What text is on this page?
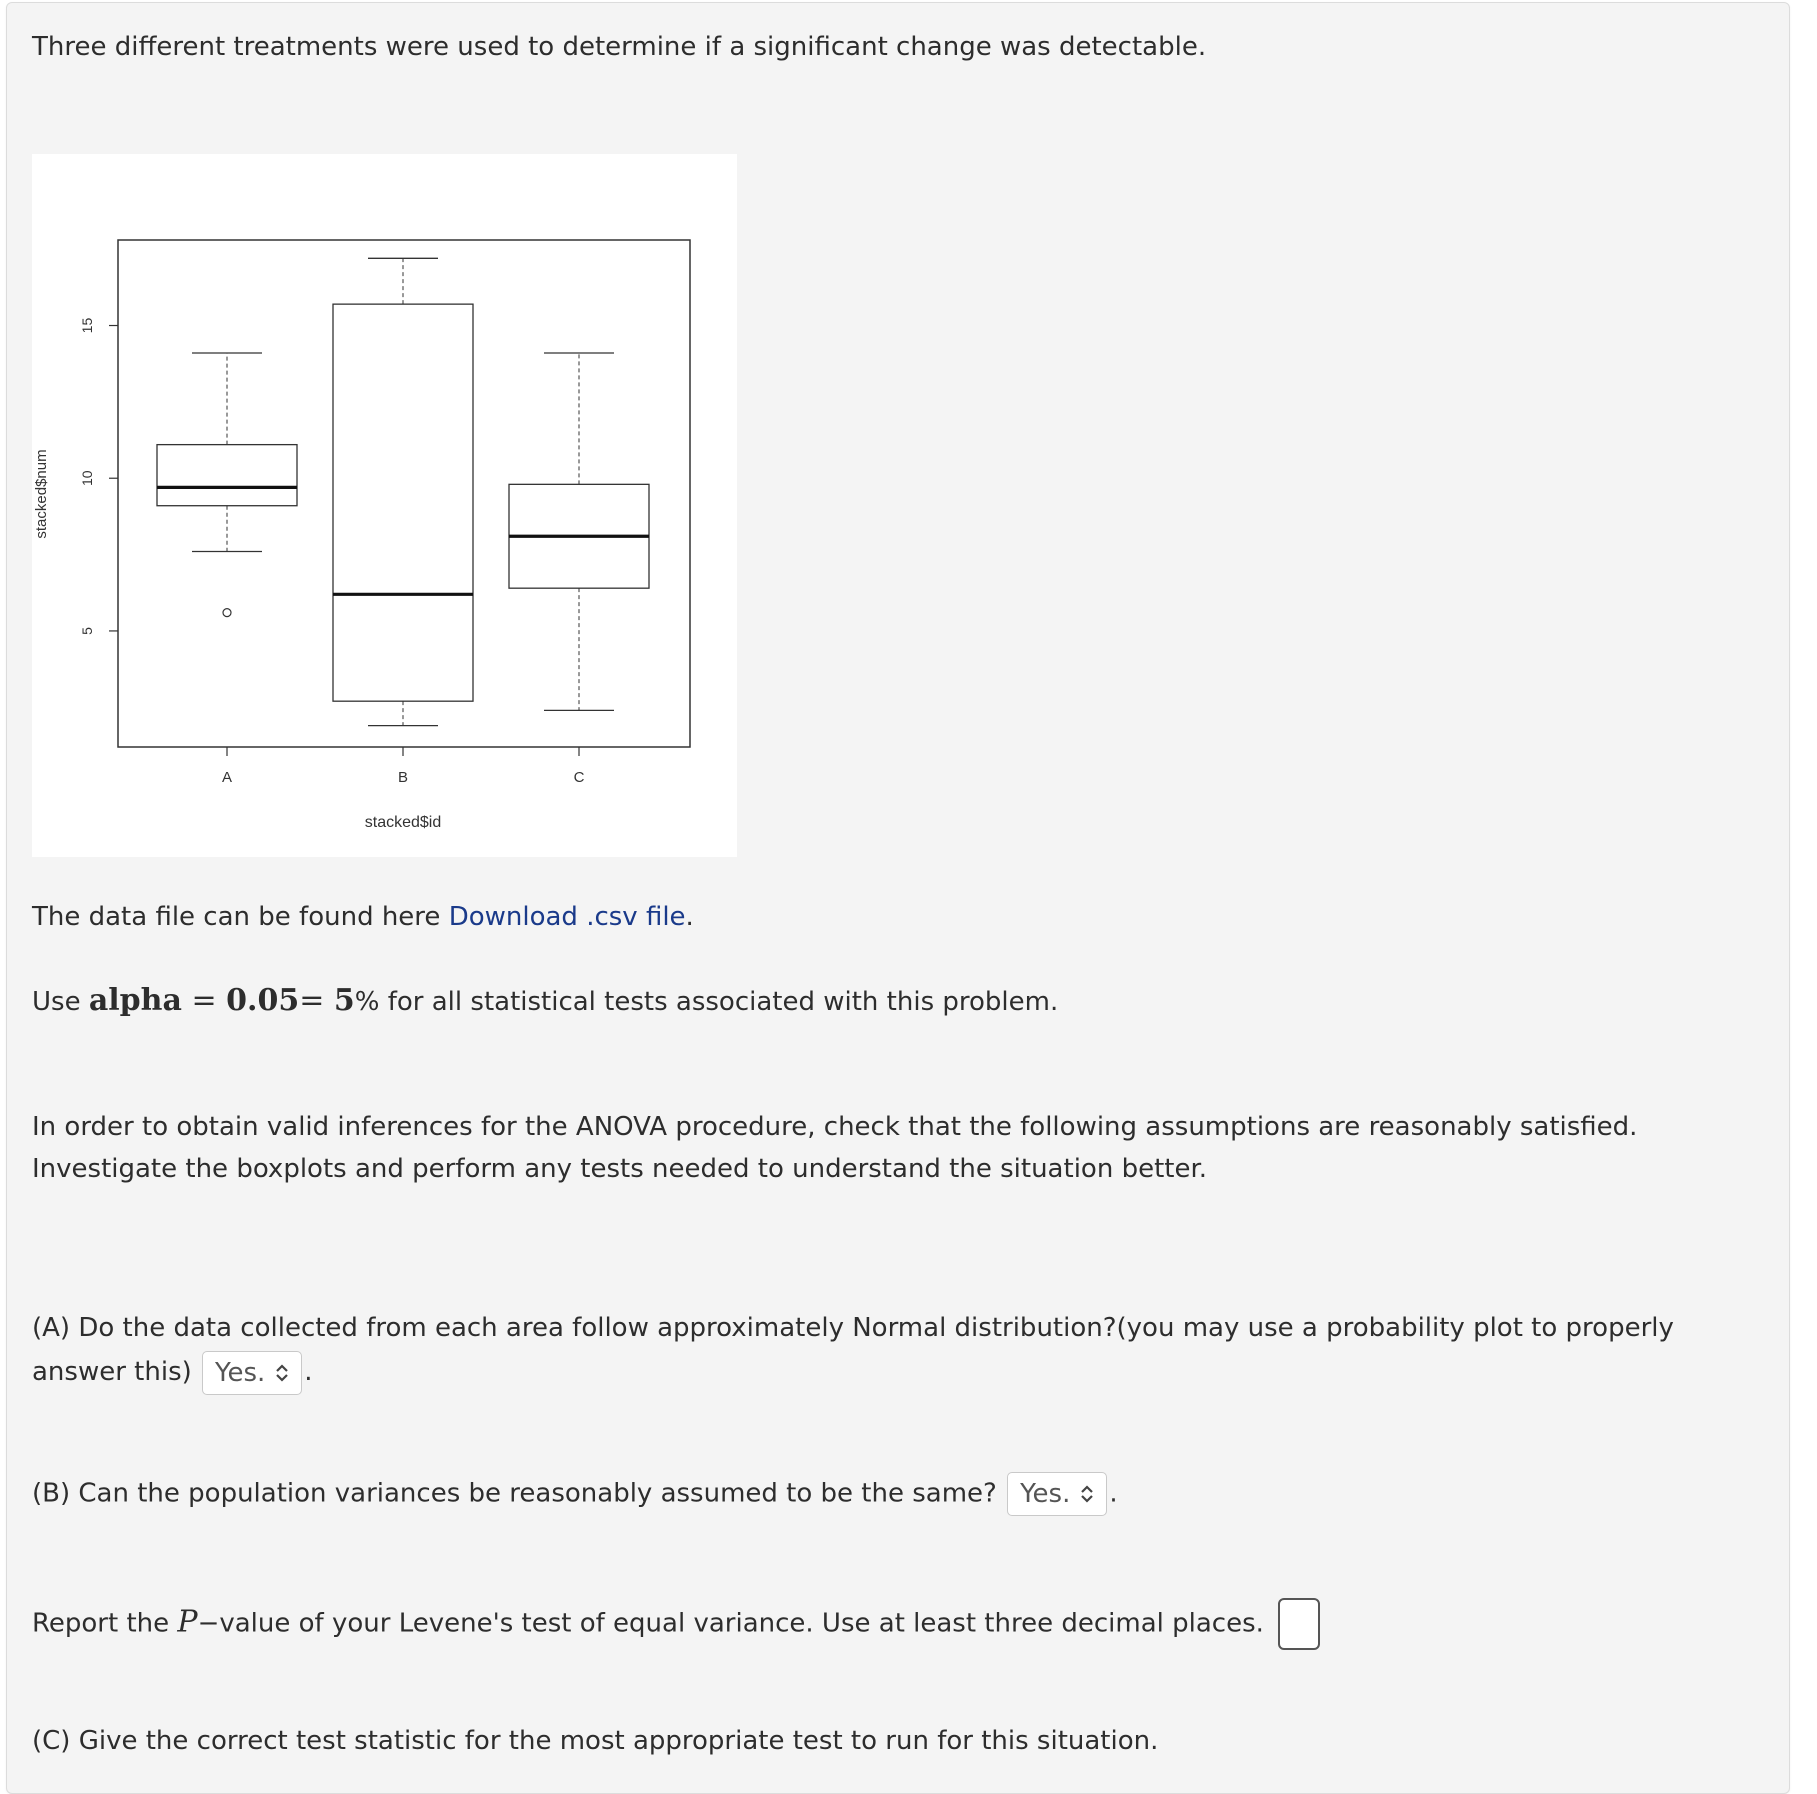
Three different treatments were used to determine if a significant change was detectable.
5
10
15
stacked$num
stacked$id
A	B	C
The data file can be found here Download .csv file.
Use alpha = 0.05= 5% for all statistical tests associated with this problem.
In order to obtain valid inferences for the ANOVA procedure, check that the following assumptions are reasonably satisfied. Investigate the boxplots and perform any tests needed to understand the situation better.
(A) Do the data collected from each area follow approximately Normal distribution?(you may use a probability plot to properly answer this) Yes. .
(B) Can the population variances be reasonably assumed to be the same? Yes. .
Report the P−value of your Levene's test of equal variance. Use at least three decimal places.
(C) Give the correct test statistic for the most appropriate test to run for this situation.
